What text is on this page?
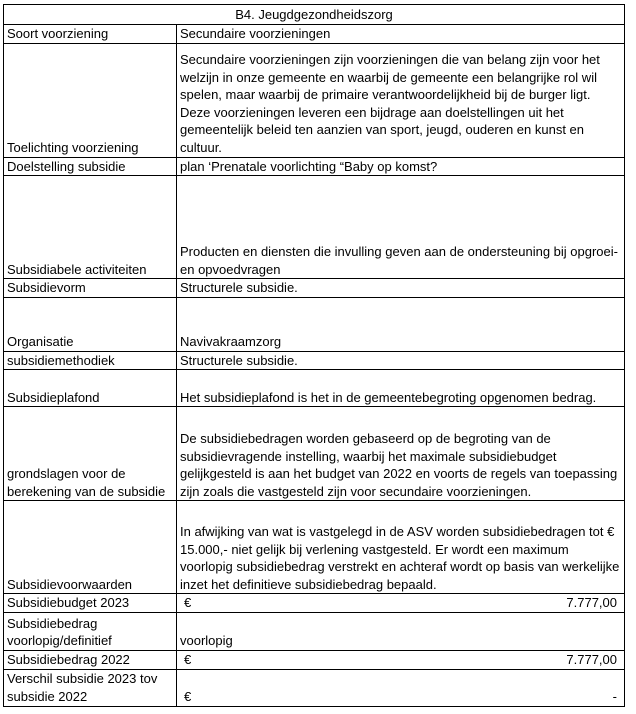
B4. Jeugdgezondheidszorg	
Soort voorziening	Secundaire voorzieningen
Toelichting voorziening	Secundaire voorzieningen zijn voorzieningen die van belang zijn voor het welzijn in onze gemeente en waarbij de gemeente een belangrijke rol wil spelen, maar waarbij de primaire verantwoordelijkheid bij de burger ligt. Deze voorzieningen leveren een bijdrage aan doelstellingen uit het gemeentelijk beleid ten aanzien van sport, jeugd, ouderen en kunst en cultuur.
Doelstelling subsidie	plan ‘Prenatale voorlichting “Baby op komst?
Subsidiabele activiteiten	Producten en diensten die invulling geven aan de ondersteuning bij opgroei- en opvoedvragen
Subsidievorm	Structurele subsidie.
Organisatie	Navivakraamzorg
subsidiemethodiek	Structurele subsidie.
Subsidieplafond	Het subsidieplafond is het in de gemeentebegroting opgenomen bedrag.
grondslagen voor de berekening van de subsidie	De subsidiebedragen worden gebaseerd op de begroting van de subsidievragende instelling, waarbij het maximale subsidiebudget gelijkgesteld is aan het budget van 2022 en voorts de regels van toepassing zijn zoals die vastgesteld zijn voor secundaire voorzieningen.
Subsidievoorwaarden	In afwijking van wat is vastgelegd in de ASV worden subsidiebedragen tot € 15.000,- niet gelijk bij verlening vastgesteld. Er wordt een maximum voorlopig subsidiebedrag verstrekt en achteraf wordt op basis van werkelijke inzet het definitieve subsidiebedrag bepaald.
Subsidiebudget 2023	€ 7.777,00

Subsidiebedrag voorlopig/definitief	voorlopig
Subsidiebedrag 2022	€ 7.777,00

Verschil subsidie 2023 tov subsidie 2022	€ -
